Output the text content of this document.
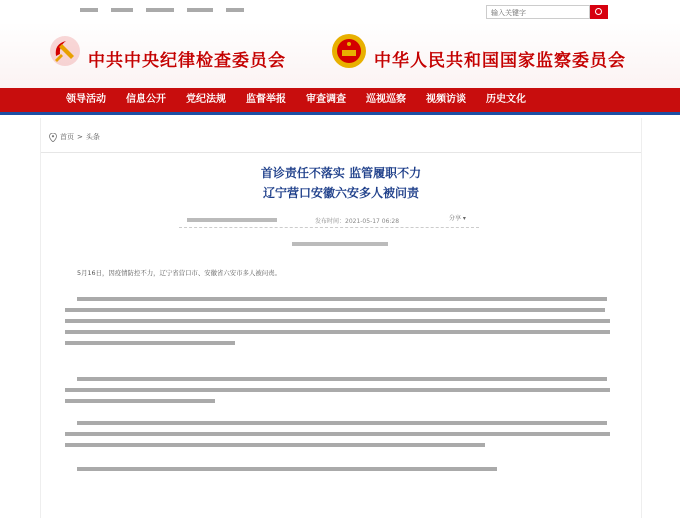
输入关键字
中共中央纪律检查委员会	中华人民共和国国家监察委员会
领导活动 信息公开 党纪法规 监督举报 审查调查 巡视巡察 视频访谈 历史文化
首页 > 头条
首诊责任不落实 监管履职不力
辽宁营口安徽六安多人被问责
发布时间：2021-05-17 06:28	分享 ▾
5月16日，因疫情防控不力，辽宁省营口市、安徽省六安市多人被问责。
